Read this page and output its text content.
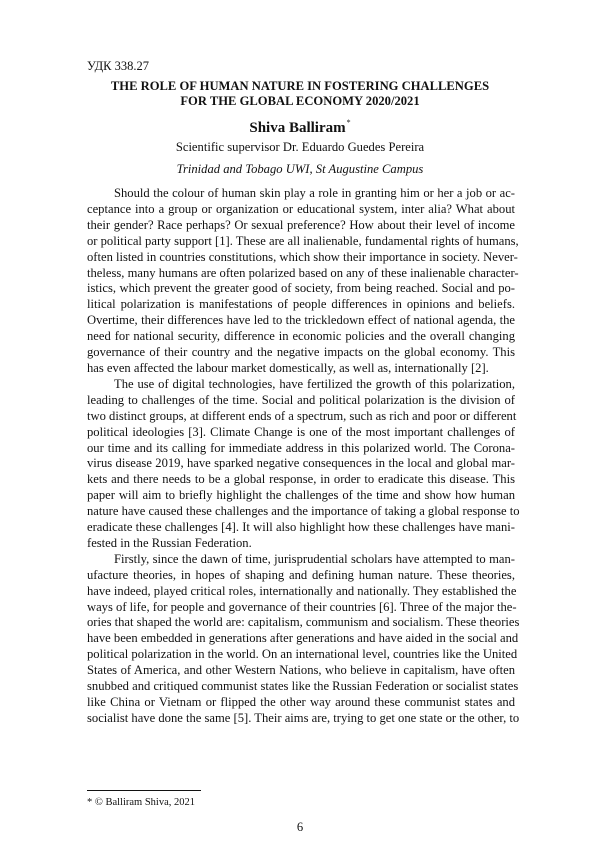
УДК 338.27
THE ROLE OF HUMAN NATURE IN FOSTERING CHALLENGES
FOR THE GLOBAL ECONOMY 2020/2021
Shiva Balliram*
Scientific supervisor Dr. Eduardo Guedes Pereira
Trinidad and Tobago UWI, St Augustine Campus
Should the colour of human skin play a role in granting him or her a job or ac-
ceptance into a group or organization or educational system, inter alia? What about
their gender? Race perhaps? Or sexual preference? How about their level of income
or political party support [1]. These are all inalienable, fundamental rights of humans,
often listed in countries constitutions, which show their importance in society. Never-
theless, many humans are often polarized based on any of these inalienable character-
istics, which prevent the greater good of society, from being reached. Social and po-
litical polarization is manifestations of people differences in opinions and beliefs.
Overtime, their differences have led to the trickledown effect of national agenda, the
need for national security, difference in economic policies and the overall changing
governance of their country and the negative impacts on the global economy. This
has even affected the labour market domestically, as well as, internationally [2].
The use of digital technologies, have fertilized the growth of this polarization,
leading to challenges of the time. Social and political polarization is the division of
two distinct groups, at different ends of a spectrum, such as rich and poor or different
political ideologies [3]. Climate Change is one of the most important challenges of
our time and its calling for immediate address in this polarized world. The Corona-
virus disease 2019, have sparked negative consequences in the local and global mar-
kets and there needs to be a global response, in order to eradicate this disease. This
paper will aim to briefly highlight the challenges of the time and show how human
nature have caused these challenges and the importance of taking a global response to
eradicate these challenges [4]. It will also highlight how these challenges have mani-
fested in the Russian Federation.
Firstly, since the dawn of time, jurisprudential scholars have attempted to man-
ufacture theories, in hopes of shaping and defining human nature. These theories,
have indeed, played critical roles, internationally and nationally. They established the
ways of life, for people and governance of their countries [6]. Three of the major the-
ories that shaped the world are: capitalism, communism and socialism. These theories
have been embedded in generations after generations and have aided in the social and
political polarization in the world. On an international level, countries like the United
States of America, and other Western Nations, who believe in capitalism, have often
snubbed and critiqued communist states like the Russian Federation or socialist states
like China or Vietnam or flipped the other way around these communist states and
socialist have done the same [5]. Their aims are, trying to get one state or the other, to
* © Balliram Shiva, 2021
6
